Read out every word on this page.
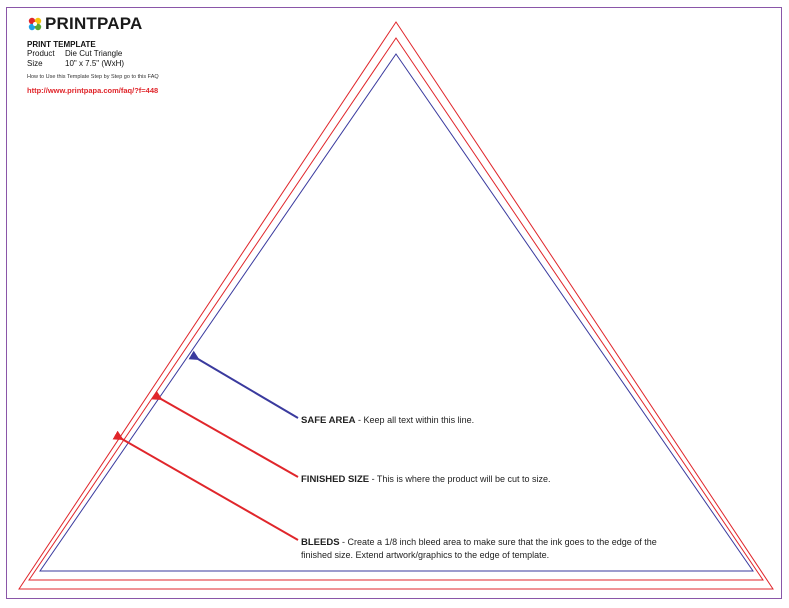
PRINTPAPA
PRINT TEMPLATE
Product Die Cut Triangle
Size	10" x 7.5" (WxH)
How to Use this Template Step by Step go to this FAQ
http://www.printpapa.com/faq/?f=448
SAFE AREA - Keep all text within this line.
FINISHED SIZE - This is where the product will be cut to size.
BLEEDS - Create a 1/8 inch bleed area to make sure that the ink goes to the edge of the finished size. Extend artwork/graphics to the edge of template.
